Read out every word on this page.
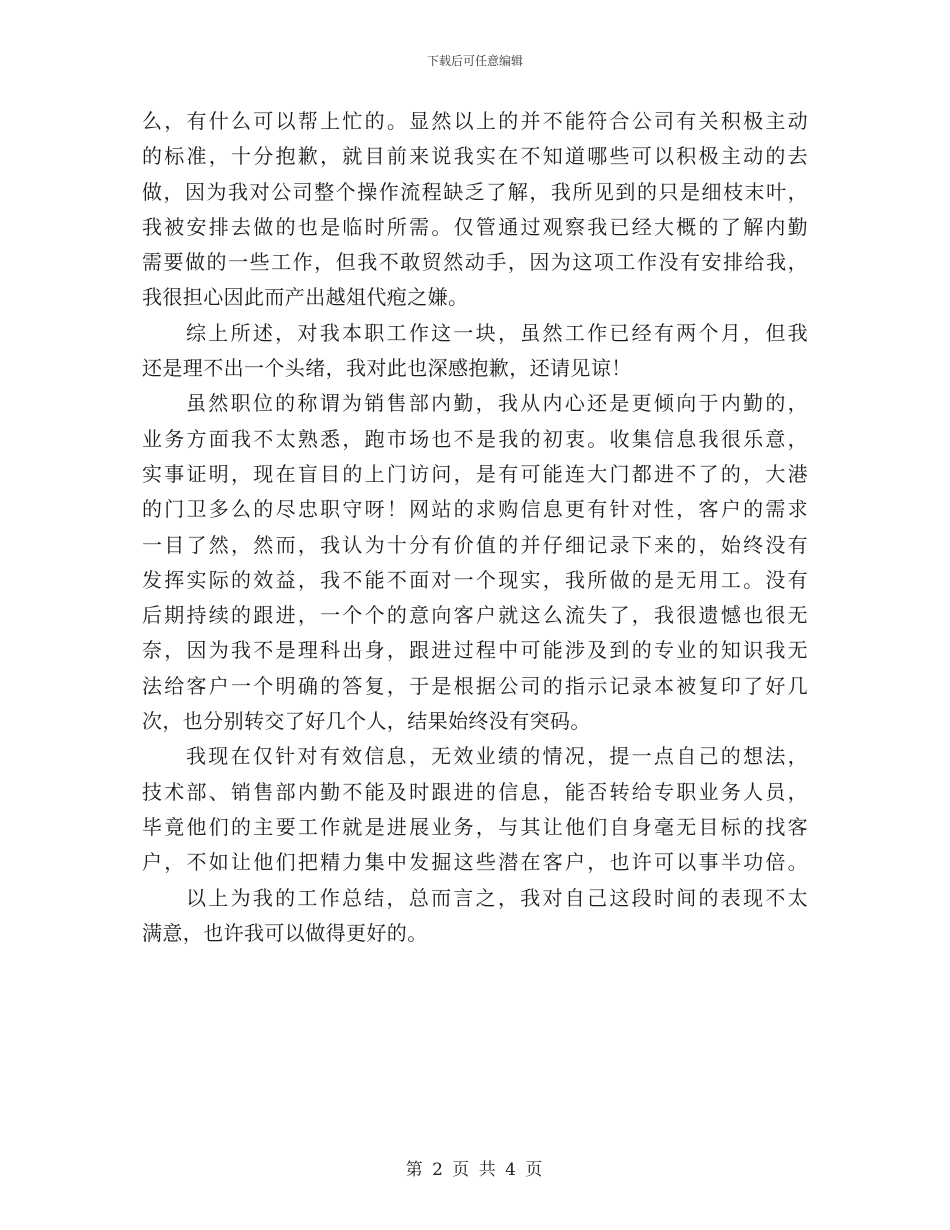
下载后可任意编辑
么，有什么可以帮上忙的。显然以上的并不能符合公司有关积极主动
的标准，十分抱歉，就目前来说我实在不知道哪些可以积极主动的去
做，因为我对公司整个操作流程缺乏了解，我所见到的只是细枝末叶，
我被安排去做的也是临时所需。仅管通过观察我已经大概的了解内勤
需要做的一些工作，但我不敢贸然动手，因为这项工作没有安排给我，
我很担心因此而产出越俎代疱之嫌。
综上所述，对我本职工作这一块，虽然工作已经有两个月，但我
还是理不出一个头绪，我对此也深感抱歉，还请见谅！
虽然职位的称谓为销售部内勤，我从内心还是更倾向于内勤的，
业务方面我不太熟悉，跑市场也不是我的初衷。收集信息我很乐意，
实事证明，现在盲目的上门访问，是有可能连大门都进不了的，大港
的门卫多么的尽忠职守呀！网站的求购信息更有针对性，客户的需求
一目了然，然而，我认为十分有价值的并仔细记录下来的，始终没有
发挥实际的效益，我不能不面对一个现实，我所做的是无用工。没有
后期持续的跟进，一个个的意向客户就这么流失了，我很遗憾也很无
奈，因为我不是理科出身，跟进过程中可能涉及到的专业的知识我无
法给客户一个明确的答复，于是根据公司的指示记录本被复印了好几
次，也分别转交了好几个人，结果始终没有突码。
我现在仅针对有效信息，无效业绩的情况，提一点自己的想法，
技术部、销售部内勤不能及时跟进的信息，能否转给专职业务人员，
毕竟他们的主要工作就是进展业务，与其让他们自身毫无目标的找客
户，不如让他们把精力集中发掘这些潜在客户，也许可以事半功倍。
以上为我的工作总结，总而言之，我对自己这段时间的表现不太
满意，也许我可以做得更好的。
第 2 页 共 4 页
